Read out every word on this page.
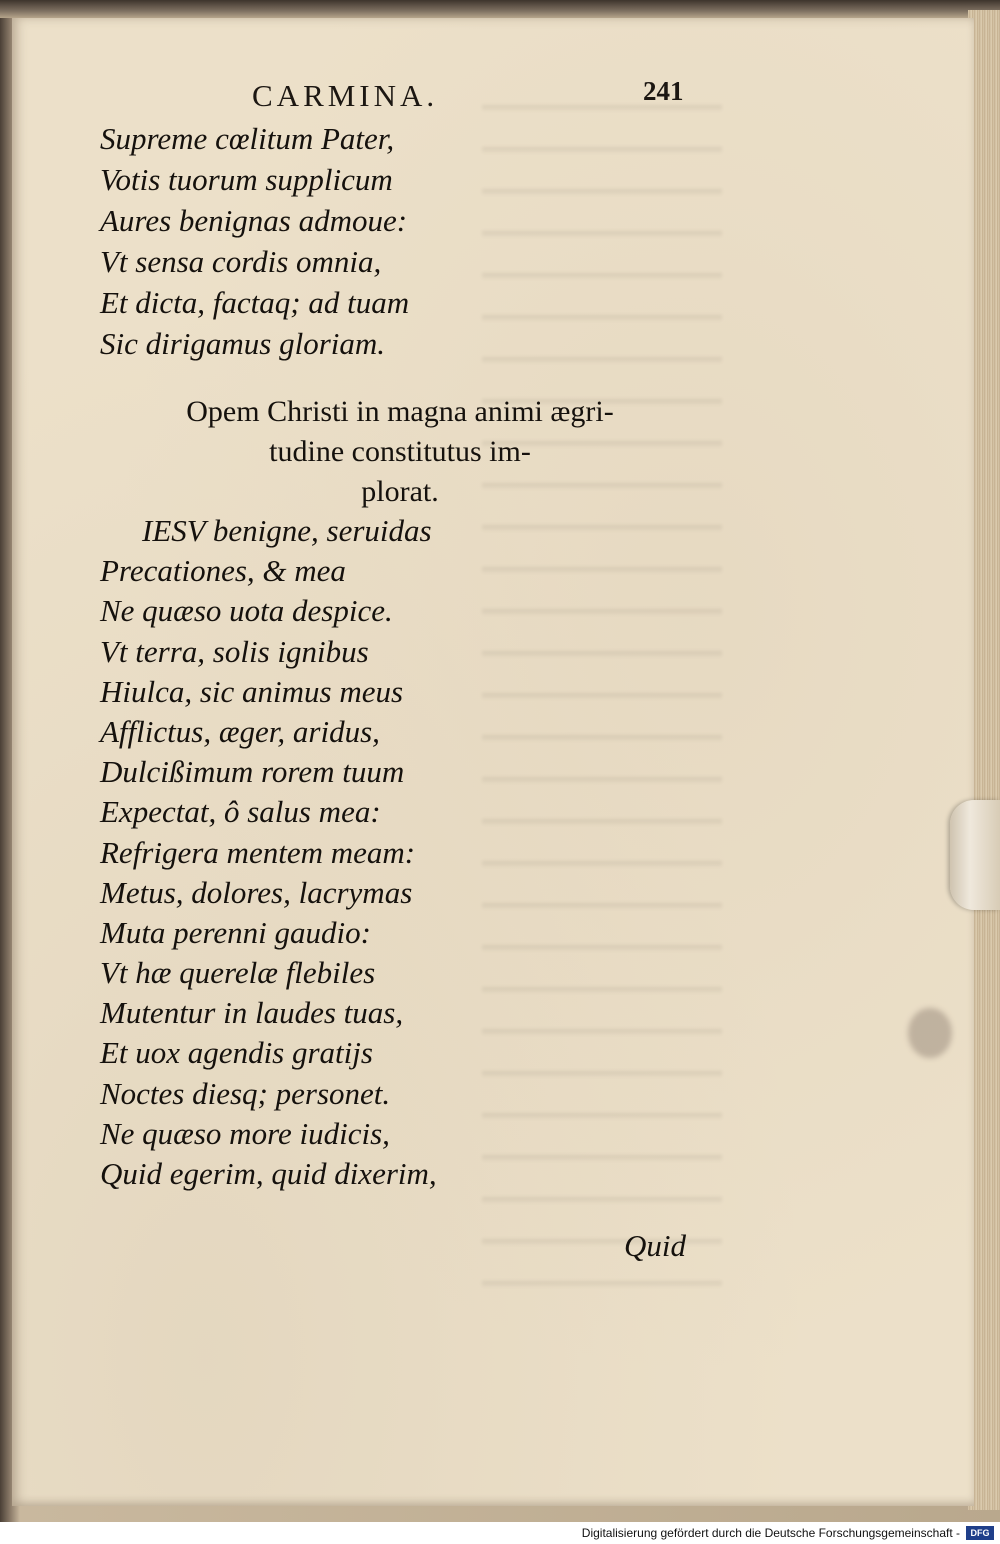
CARMINA.	241
Supreme cœlitum Pater,
Votis tuorum supplicum
Aures benignas admoue:
Vt sensa cordis omnia,
Et dicta, factaq; ad tuam
Sic dirigamus gloriam.
Opem Christi in magna animi ægri-
tudine constitutus im-
plorat.
IESV benigne, seruidas
Precationes, & mea
Ne quæso uota despice.
Vt terra, solis ignibus
Hiulca, sic animus meus
Afflictus, æger, aridus,
Dulcißimum rorem tuum
Expectat, ô salus mea:
Refrigera mentem meam:
Metus, dolores, lacrymas
Muta perenni gaudio:
Vt hæ querelæ flebiles
Mutentur in laudes tuas,
Et uox agendis gratijs
Noctes diesq; personet.
Ne quæso more iudicis,
Quid egerim, quid dixerim,
Quid
Digitalisierung gefördert durch die Deutsche Forschungsgemeinschaft -	DFG
